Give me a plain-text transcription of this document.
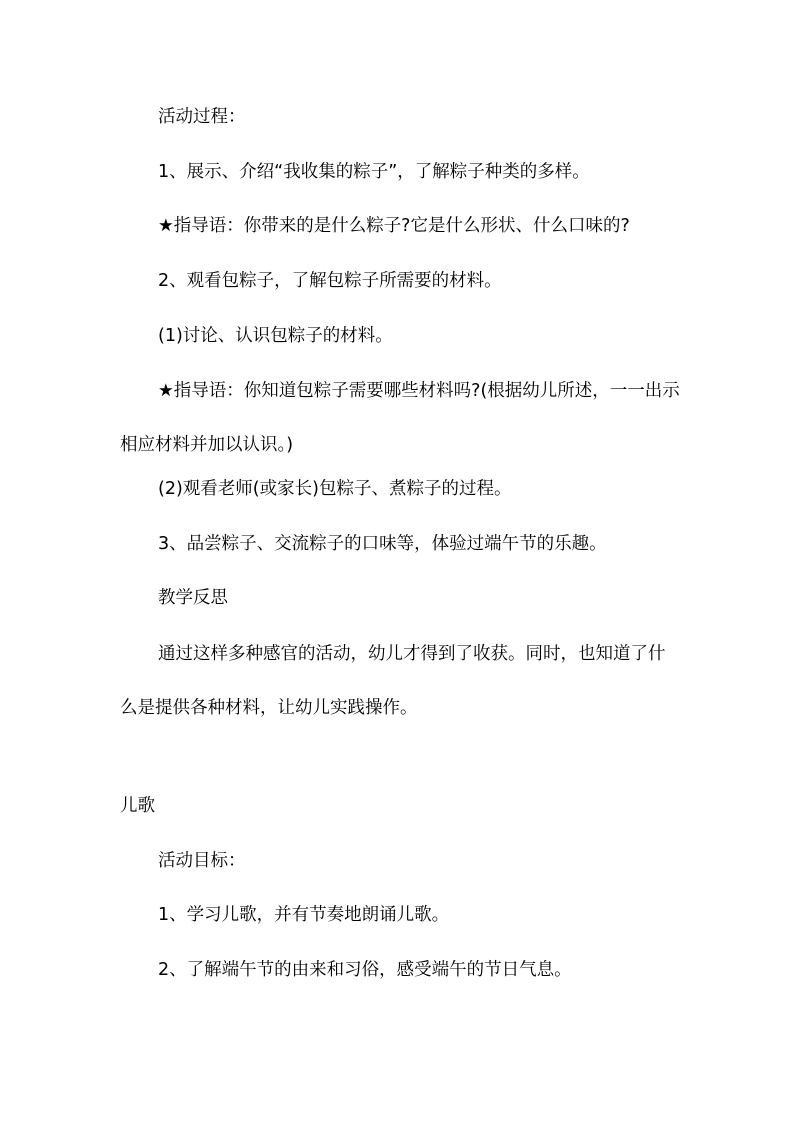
活动过程：
1、展示、介绍“我收集的粽子”，了解粽子种类的多样。
★指导语：你带来的是什么粽子?它是什么形状、什么口味的?
2、观看包粽子，了解包粽子所需要的材料。
(1)讨论、认识包粽子的材料。
★指导语：你知道包粽子需要哪些材料吗?(根据幼儿所述，一一出示相应材料并加以认识。)
(2)观看老师(或家长)包粽子、煮粽子的过程。
3、品尝粽子、交流粽子的口味等，体验过端午节的乐趣。
教学反思
通过这样多种感官的活动，幼儿才得到了收获。同时，也知道了什么是提供各种材料，让幼儿实践操作。
儿歌
活动目标：
1、学习儿歌，并有节奏地朗诵儿歌。
2、了解端午节的由来和习俗，感受端午的节日气息。
